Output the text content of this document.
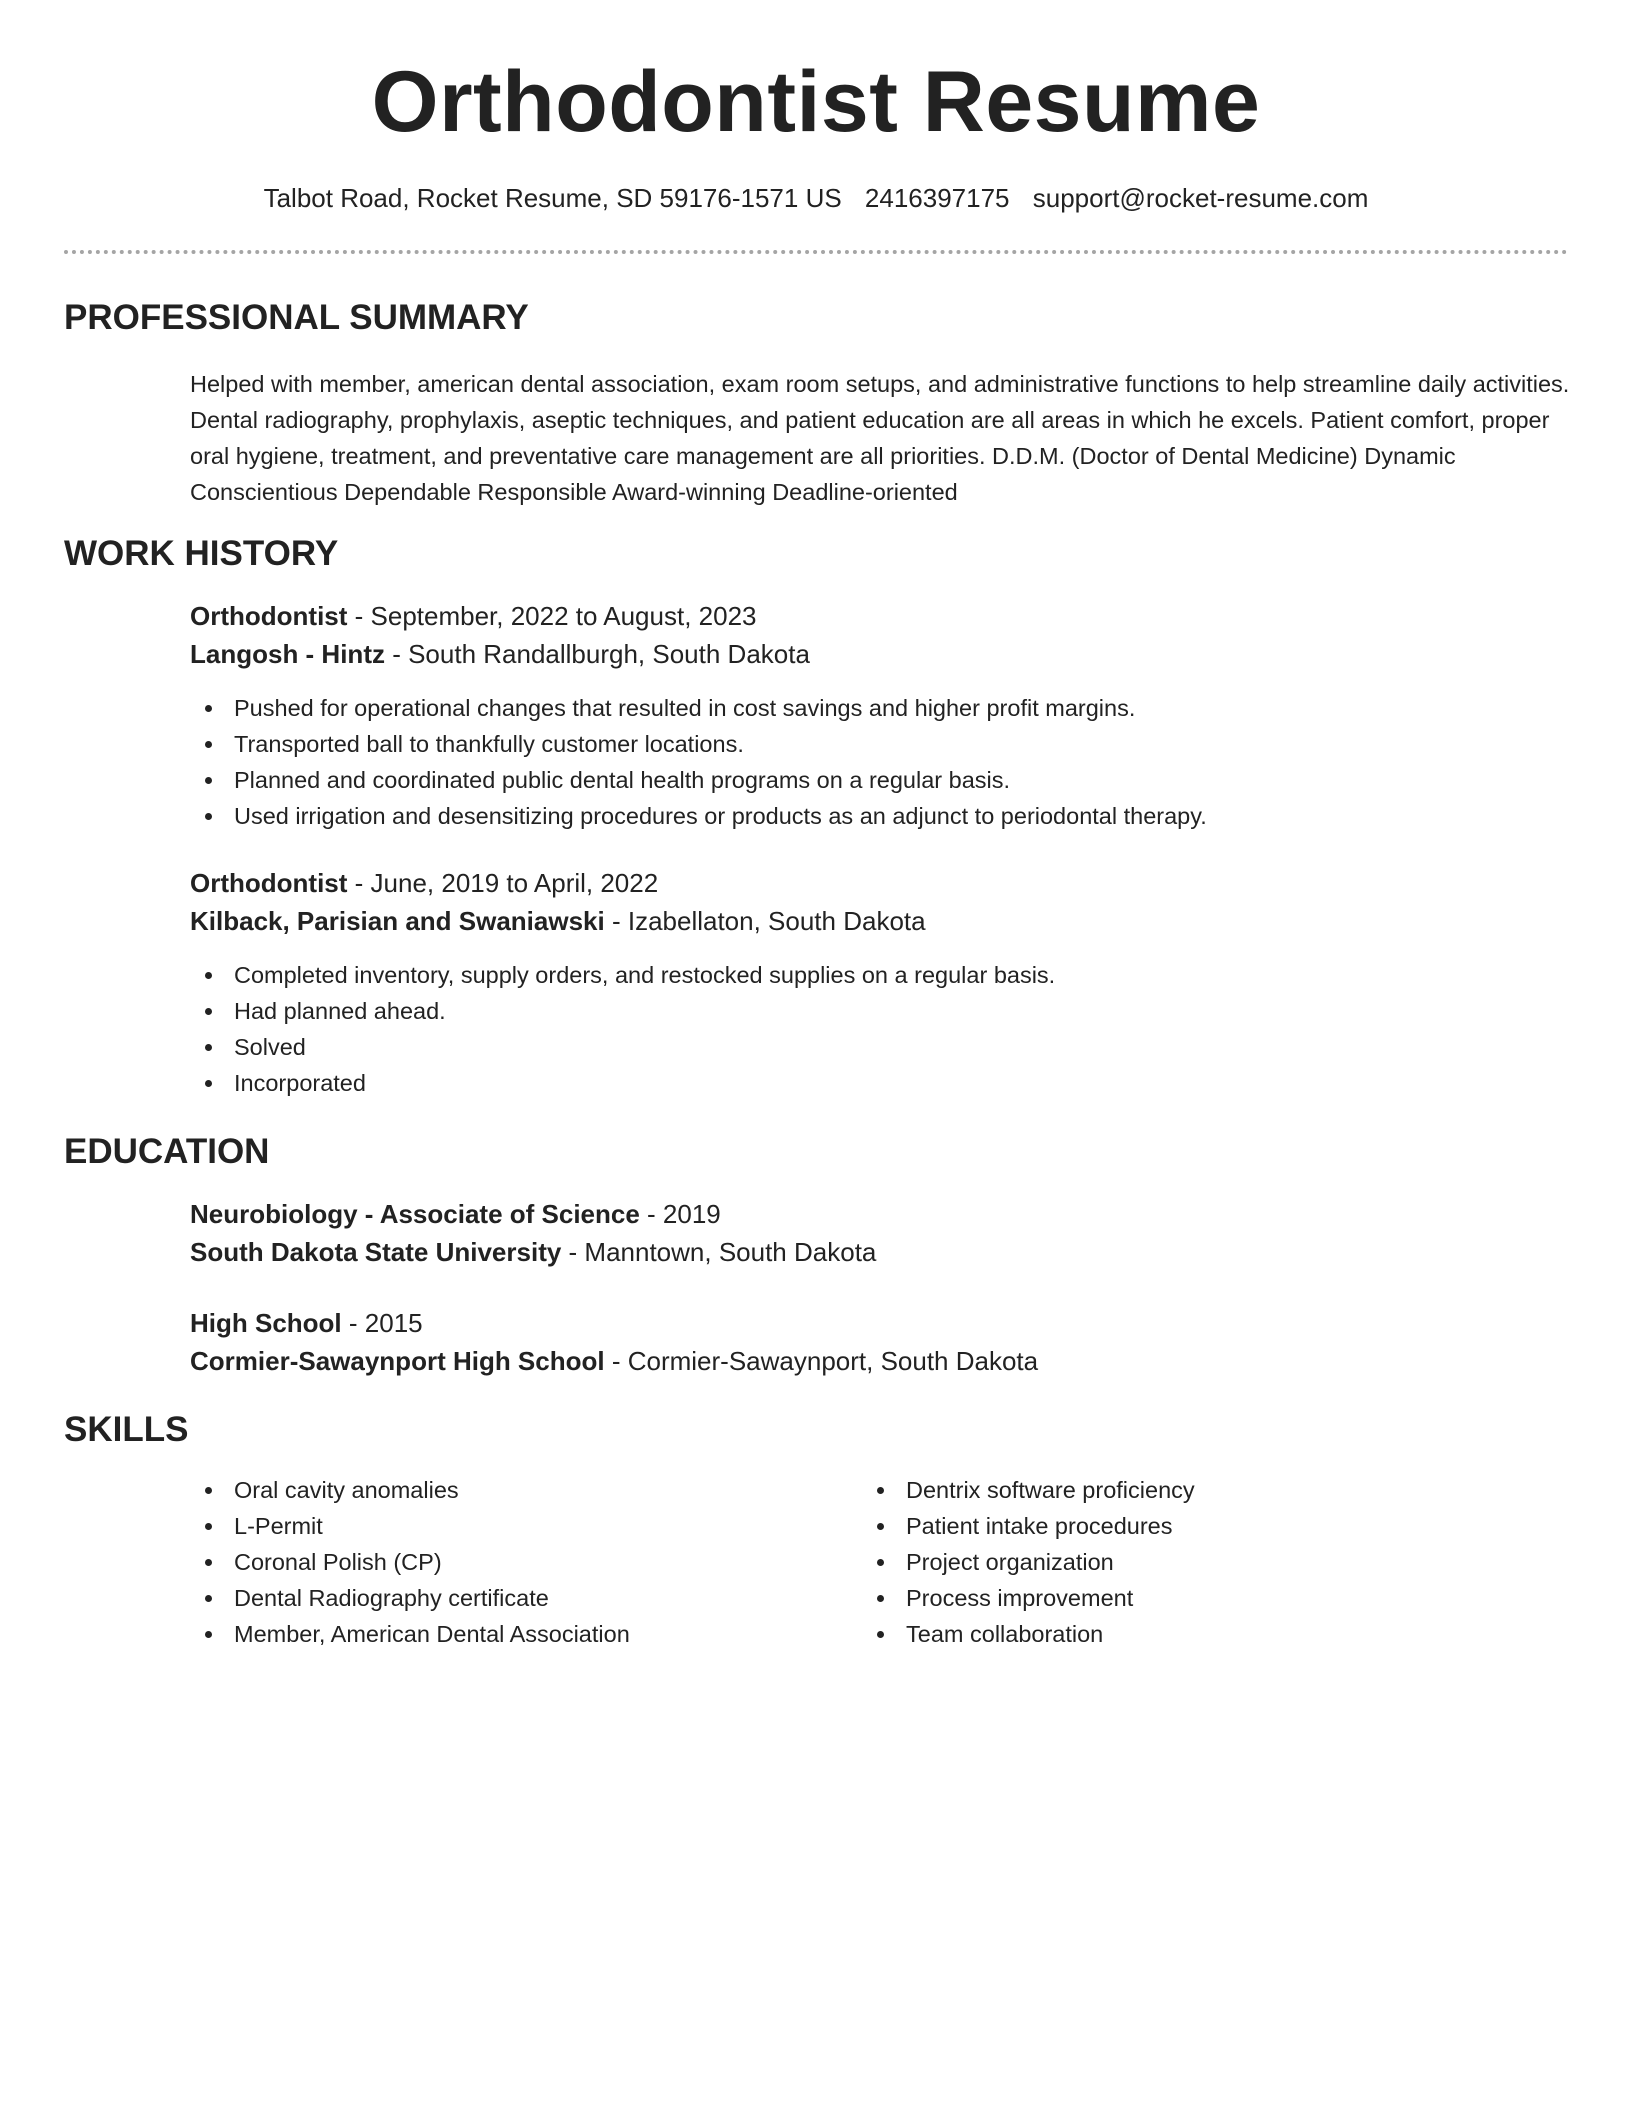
Orthodontist Resume
Talbot Road, Rocket Resume, SD 59176-1571 US 2416397175 support@rocket-resume.com
PROFESSIONAL SUMMARY
Helped with member, american dental association, exam room setups, and administrative functions to help streamline daily activities. Dental radiography, prophylaxis, aseptic techniques, and patient education are all areas in which he excels. Patient comfort, proper oral hygiene, treatment, and preventative care management are all priorities. D.D.M. (Doctor of Dental Medicine) Dynamic Conscientious Dependable Responsible Award-winning Deadline-oriented
WORK HISTORY
Orthodontist - September, 2022 to August, 2023
Langosh - Hintz - South Randallburgh, South Dakota
Pushed for operational changes that resulted in cost savings and higher profit margins.
Transported ball to thankfully customer locations.
Planned and coordinated public dental health programs on a regular basis.
Used irrigation and desensitizing procedures or products as an adjunct to periodontal therapy.
Orthodontist - June, 2019 to April, 2022
Kilback, Parisian and Swaniawski - Izabellaton, South Dakota
Completed inventory, supply orders, and restocked supplies on a regular basis.
Had planned ahead.
Solved
Incorporated
EDUCATION
Neurobiology - Associate of Science - 2019
South Dakota State University - Manntown, South Dakota
High School - 2015
Cormier-Sawaynport High School - Cormier-Sawaynport, South Dakota
SKILLS
Oral cavity anomalies
L-Permit
Coronal Polish (CP)
Dental Radiography certificate
Member, American Dental Association
Dentrix software proficiency
Patient intake procedures
Project organization
Process improvement
Team collaboration
